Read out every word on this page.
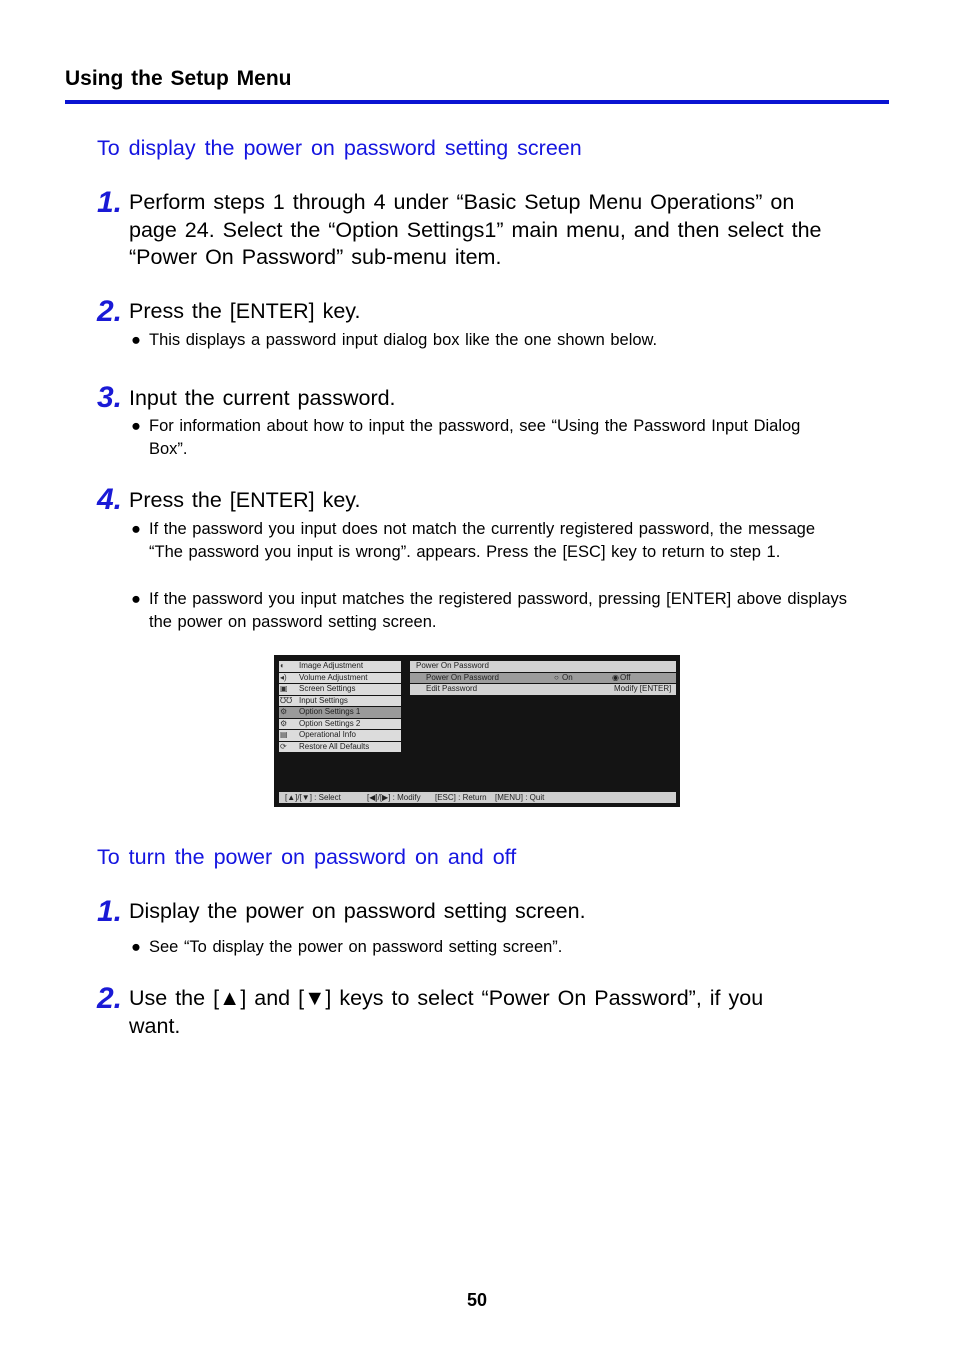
Using the Setup Menu
To display the power on password setting screen
1. Perform steps 1 through 4 under “Basic Setup Menu Operations” on page 24. Select the “Option Settings1” main menu, and then select the “Power On Password” sub-menu item.
2. Press the [ENTER] key.
● This displays a password input dialog box like the one shown below.
3. Input the current password.
● For information about how to input the password, see “Using the Password Input Dialog Box”.
4. Press the [ENTER] key.
● If the password you input does not match the currently registered password, the message “The password you input is wrong”. appears. Press the [ESC] key to return to step 1.
● If the password you input matches the registered password, pressing [ENTER] above displays the power on password setting screen.
◐	Image Adjustment
◂)	Volume Adjustment
▣	Screen Settings
℧℧ Input Settings
⚙	Option Settings 1
⚙	Option Settings 2
▤	Operational Info
⟳	Restore All Defaults
Power On Password
Power On Password	○ On	◉ Off
Edit Password	Modify [ENTER]
[▲]/[▼] : Select	[◀]/[▶] : Modify [ESC] : Return [MENU] : Quit
To turn the power on password on and off
1. Display the power on password setting screen.
● See “To display the power on password setting screen”.
2. Use the [▲] and [▼] keys to select “Power On Password”, if you want.
50
